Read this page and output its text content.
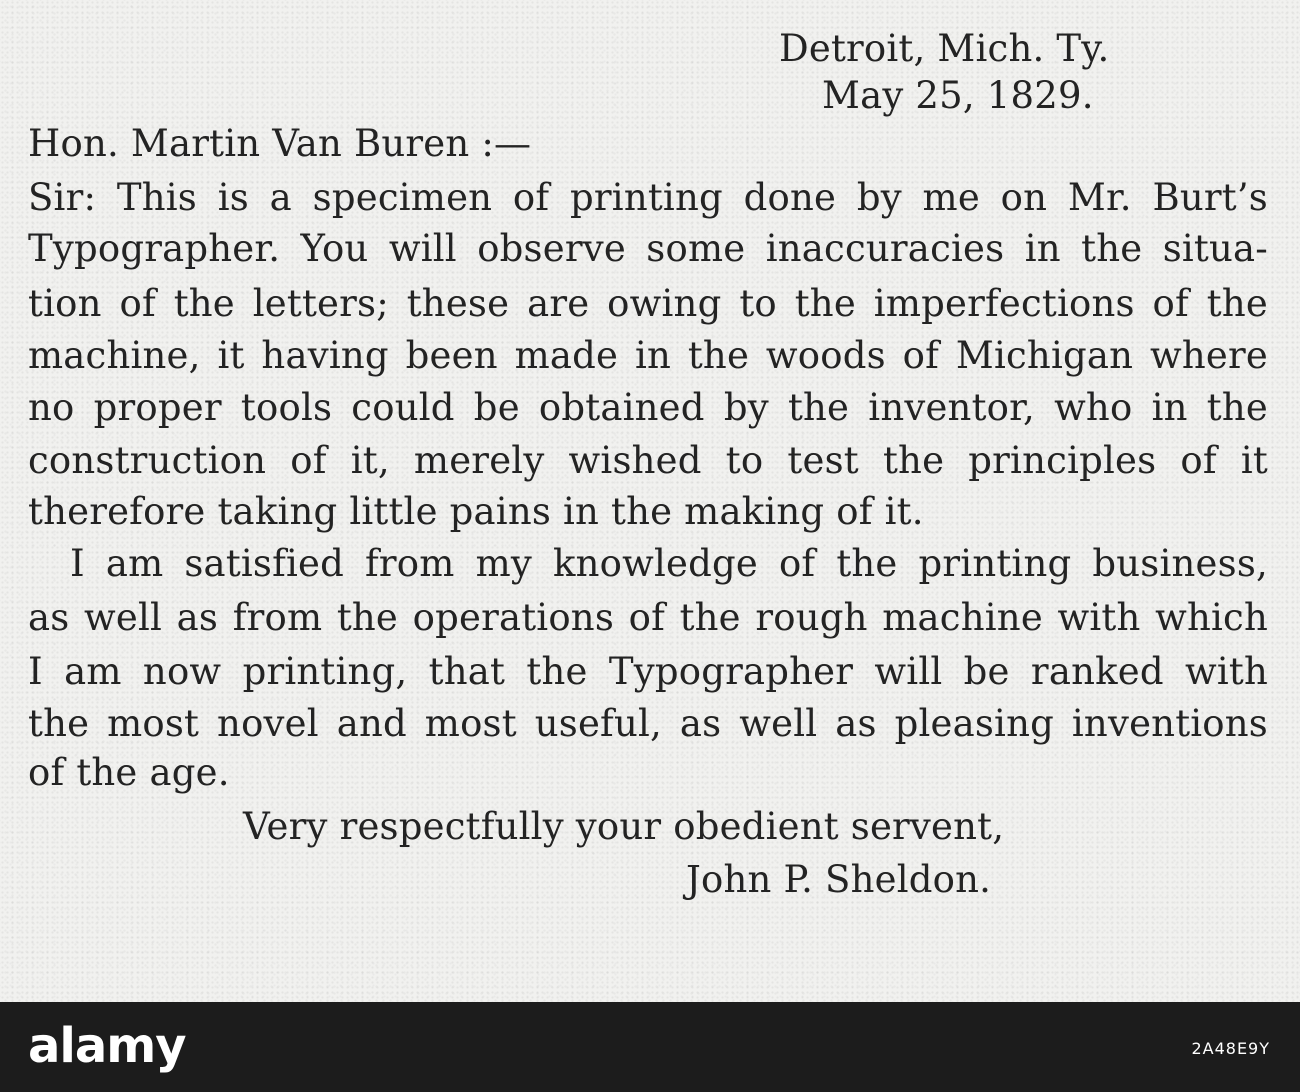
Detroit, Mich. Ty.

May 25, 1829.

Hon. Martin Van Buren :—

Sir: This is a specimen of printing done by me on Mr. Burt’s

Typographer. You will observe some inaccuracies in the situa-

tion of the letters; these are owing to the imperfections of the

machine, it having been made in the woods of Michigan where

no proper tools could be obtained by the inventor, who in the

construction of it, merely wished to test the principles of it

therefore taking little pains in the making of it.

I am satisfied from my knowledge of the printing business,

as well as from the operations of the rough machine with which

I am now printing, that the Typographer will be ranked with

the most novel and most useful, as well as pleasing inventions

of the age.

Very respectfully your obedient servent,

John P. Sheldon.

alamy	2A48E9Y
